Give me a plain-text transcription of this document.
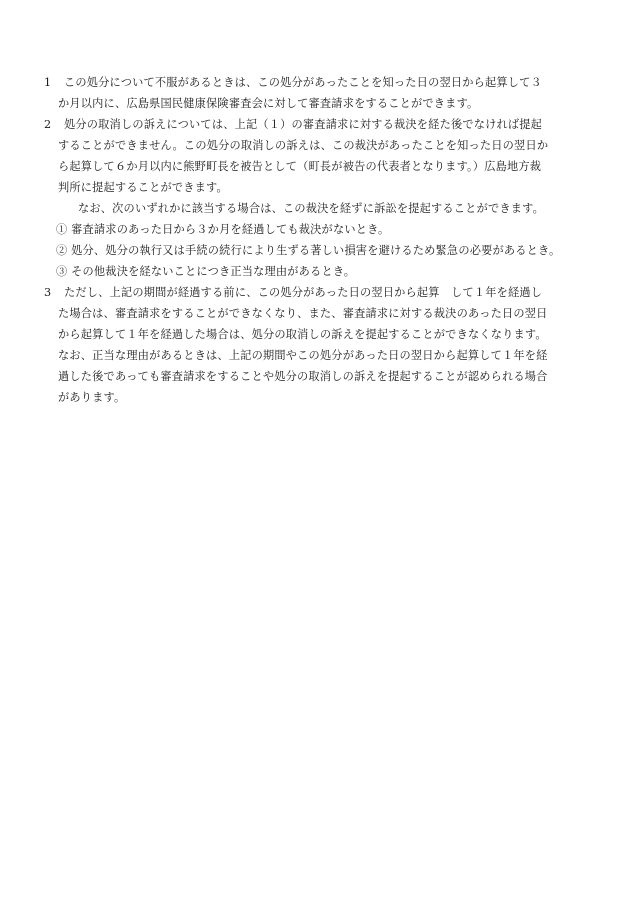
1 この処分について不服があるときは、この処分があったことを知った日の翌日から起算して３
か月以内に、広島県国民健康保険審査会に対して審査請求をすることができます。
2 処分の取消しの訴えについては、上記（１）の審査請求に対する裁決を経た後でなければ提起
することができません。この処分の取消しの訴えは、この裁決があったことを知った日の翌日か
ら起算して６か月以内に熊野町長を被告として（町長が被告の代表者となります。）広島地方裁
判所に提起することができます。
なお、次のいずれかに該当する場合は、この裁決を経ずに訴訟を提起することができます。
① 審査請求のあった日から３か月を経過しても裁決がないとき。
② 処分、処分の執行又は手続の続行により生ずる著しい損害を避けるため緊急の必要があるとき。
③ その他裁決を経ないことにつき正当な理由があるとき。
3 ただし、上記の期間が経過する前に、この処分があった日の翌日から起算　して１年を経過し
た場合は、審査請求をすることができなくなり、また、審査請求に対する裁決のあった日の翌日
から起算して１年を経過した場合は、処分の取消しの訴えを提起することができなくなります。
なお、正当な理由があるときは、上記の期間やこの処分があった日の翌日から起算して１年を経
過した後であっても審査請求をすることや処分の取消しの訴えを提起することが認められる場合
があります。
